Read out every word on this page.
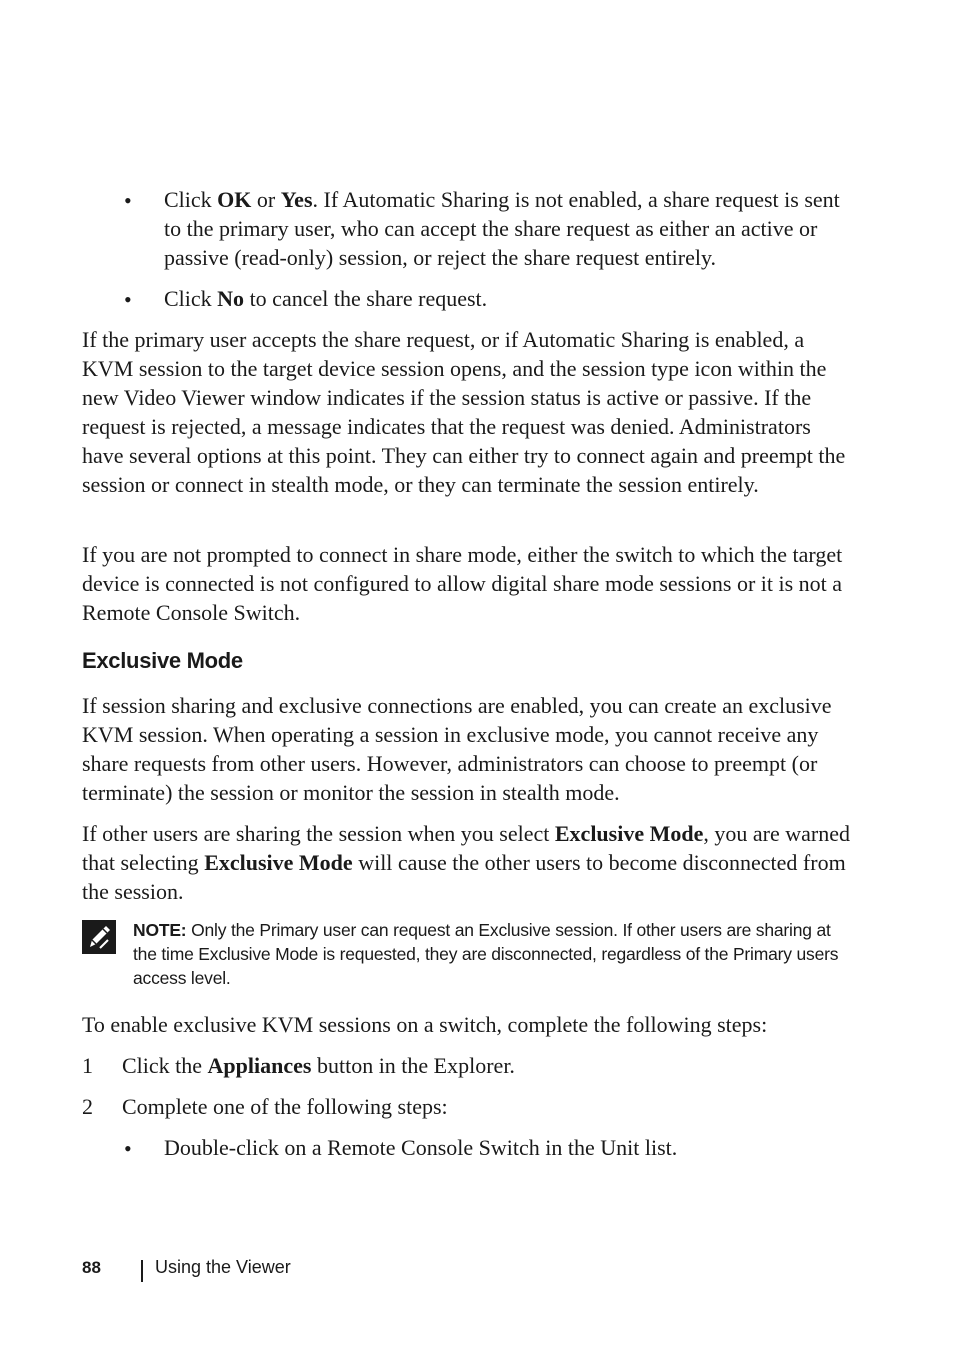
• Click OK or Yes. If Automatic Sharing is not enabled, a share request is sent to the primary user, who can accept the share request as either an active or passive (read-only) session, or reject the share request entirely.
• Click No to cancel the share request.

If the primary user accepts the share request, or if Automatic Sharing is enabled, a KVM session to the target device session opens, and the session type icon within the new Video Viewer window indicates if the session status is active or passive. If the request is rejected, a message indicates that the request was denied. Administrators have several options at this point. They can either try to connect again and preempt the session or connect in stealth mode, or they can terminate the session entirely.

If you are not prompted to connect in share mode, either the switch to which the target device is connected is not configured to allow digital share mode sessions or it is not a Remote Console Switch.

Exclusive Mode

If session sharing and exclusive connections are enabled, you can create an exclusive KVM session. When operating a session in exclusive mode, you cannot receive any share requests from other users. However, administrators can choose to preempt (or terminate) the session or monitor the session in stealth mode.

If other users are sharing the session when you select Exclusive Mode, you are warned that selecting Exclusive Mode will cause the other users to become disconnected from the session.

NOTE: Only the Primary user can request an Exclusive session. If other users are sharing at the time Exclusive Mode is requested, they are disconnected, regardless of the Primary users access level.

To enable exclusive KVM sessions on a switch, complete the following steps:

1 Click the Appliances button in the Explorer.
2 Complete one of the following steps:
• Double-click on a Remote Console Switch in the Unit list.
88	Using the Viewer
